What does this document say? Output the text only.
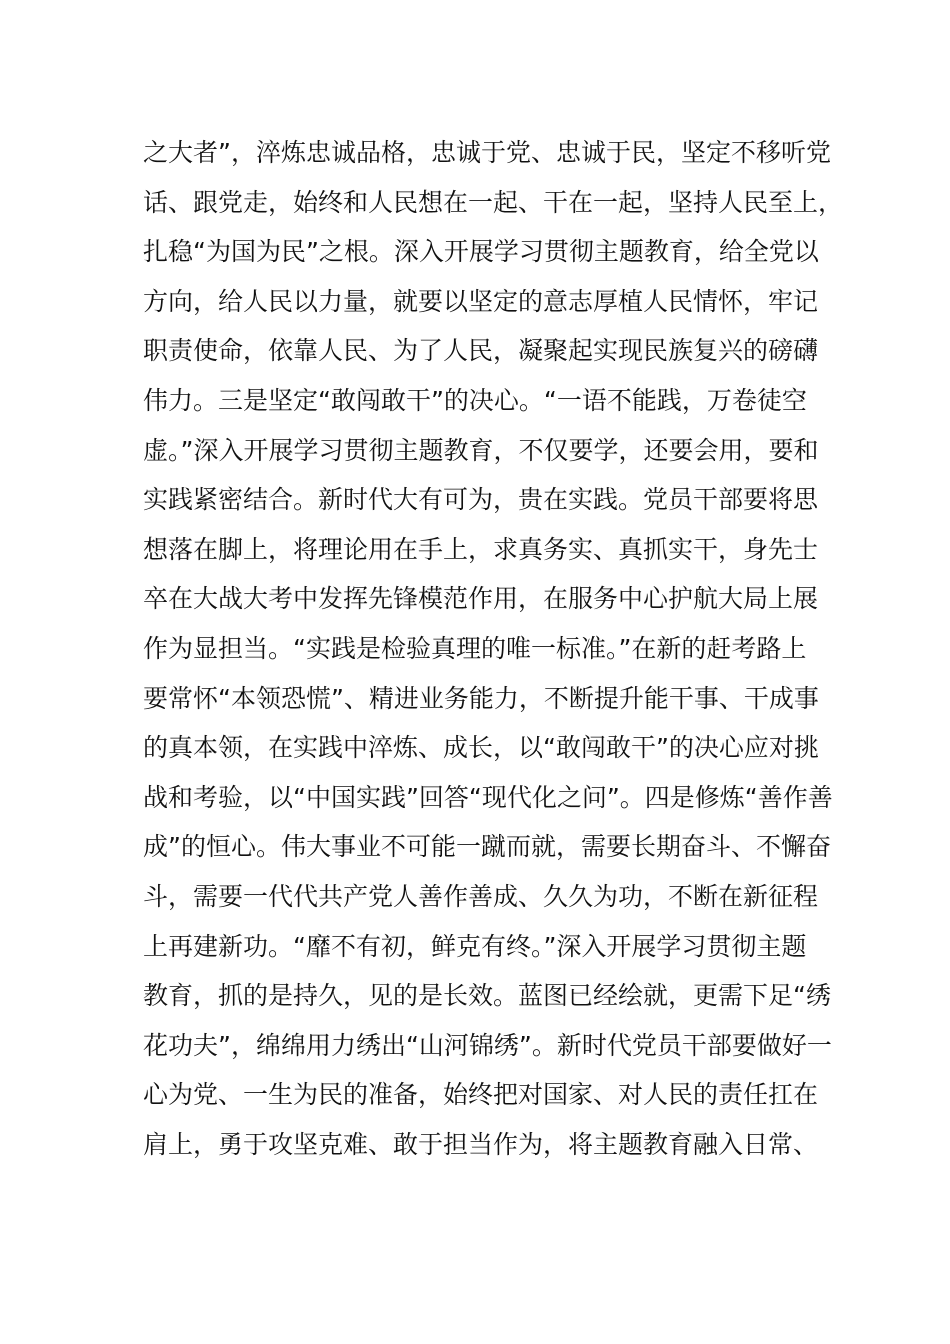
之大者”，淬炼忠诚品格，忠诚于党、忠诚于民，坚定不移听党
话、跟党走，始终和人民想在一起、干在一起，坚持人民至上，
扎稳“为国为民”之根。深入开展学习贯彻主题教育，给全党以
方向，给人民以力量，就要以坚定的意志厚植人民情怀，牢记
职责使命，依靠人民、为了人民，凝聚起实现民族复兴的磅礴
伟力。三是坚定“敢闯敢干”的决心。“一语不能践，万卷徒空
虚。”深入开展学习贯彻主题教育，不仅要学，还要会用，要和
实践紧密结合。新时代大有可为，贵在实践。党员干部要将思
想落在脚上，将理论用在手上，求真务实、真抓实干，身先士
卒在大战大考中发挥先锋模范作用，在服务中心护航大局上展
作为显担当。“实践是检验真理的唯一标准。”在新的赶考路上
要常怀“本领恐慌”、精进业务能力，不断提升能干事、干成事
的真本领，在实践中淬炼、成长，以“敢闯敢干”的决心应对挑
战和考验，以“中国实践”回答“现代化之问”。四是修炼“善作善
成”的恒心。伟大事业不可能一蹴而就，需要长期奋斗、不懈奋
斗，需要一代代共产党人善作善成、久久为功，不断在新征程
上再建新功。“靡不有初，鲜克有终。”深入开展学习贯彻主题
教育，抓的是持久，见的是长效。蓝图已经绘就，更需下足“绣
花功夫”，绵绵用力绣出“山河锦绣”。新时代党员干部要做好一
心为党、一生为民的准备，始终把对国家、对人民的责任扛在
肩上，勇于攻坚克难、敢于担当作为，将主题教育融入日常、
